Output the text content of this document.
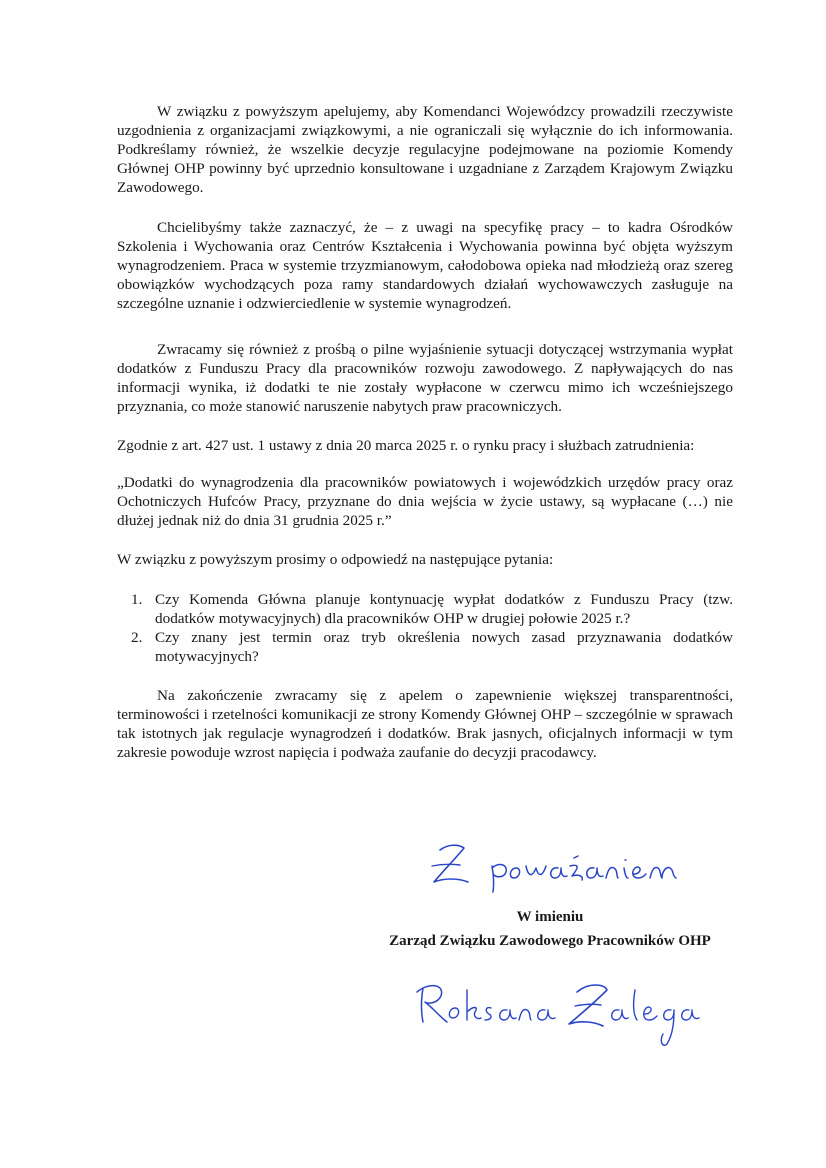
W związku z powyższym apelujemy, aby Komendanci Wojewódzcy prowadzili rzeczywiste uzgodnienia z organizacjami związkowymi, a nie ograniczali się wyłącznie do ich informowania. Podkreślamy również, że wszelkie decyzje regulacyjne podejmowane na poziomie Komendy Głównej OHP powinny być uprzednio konsultowane i uzgadniane z Zarządem Krajowym Związku Zawodowego.

Chcielibyśmy także zaznaczyć, że – z uwagi na specyfikę pracy – to kadra Ośrodków Szkolenia i Wychowania oraz Centrów Kształcenia i Wychowania powinna być objęta wyższym wynagrodzeniem. Praca w systemie trzyzmianowym, całodobowa opieka nad młodzieżą oraz szereg obowiązków wychodzących poza ramy standardowych działań wychowawczych zasługuje na szczególne uznanie i odzwierciedlenie w systemie wynagrodzeń.

Zwracamy się również z prośbą o pilne wyjaśnienie sytuacji dotyczącej wstrzymania wypłat dodatków z Funduszu Pracy dla pracowników rozwoju zawodowego. Z napływających do nas informacji wynika, iż dodatki te nie zostały wypłacone w czerwcu mimo ich wcześniejszego przyznania, co może stanowić naruszenie nabytych praw pracowniczych.

Zgodnie z art. 427 ust. 1 ustawy z dnia 20 marca 2025 r. o rynku pracy i służbach zatrudnienia:

„Dodatki do wynagrodzenia dla pracowników powiatowych i wojewódzkich urzędów pracy oraz Ochotniczych Hufców Pracy, przyznane do dnia wejścia w życie ustawy, są wypłacane (…) nie dłużej jednak niż do dnia 31 grudnia 2025 r.”

W związku z powyższym prosimy o odpowiedź na następujące pytania:

1. Czy Komenda Główna planuje kontynuację wypłat dodatków z Funduszu Pracy (tzw. dodatków motywacyjnych) dla pracowników OHP w drugiej połowie 2025 r.?
2. Czy znany jest termin oraz tryb określenia nowych zasad przyznawania dodatków motywacyjnych?

Na zakończenie zwracamy się z apelem o zapewnienie większej transparentności, terminowości i rzetelności komunikacji ze strony Komendy Głównej OHP – szczególnie w sprawach tak istotnych jak regulacje wynagrodzeń i dodatków. Brak jasnych, oficjalnych informacji w tym zakresie powoduje wzrost napięcia i podważa zaufanie do decyzji pracodawcy.

W imieniu

Zarząd Związku Zawodowego Pracowników OHP
